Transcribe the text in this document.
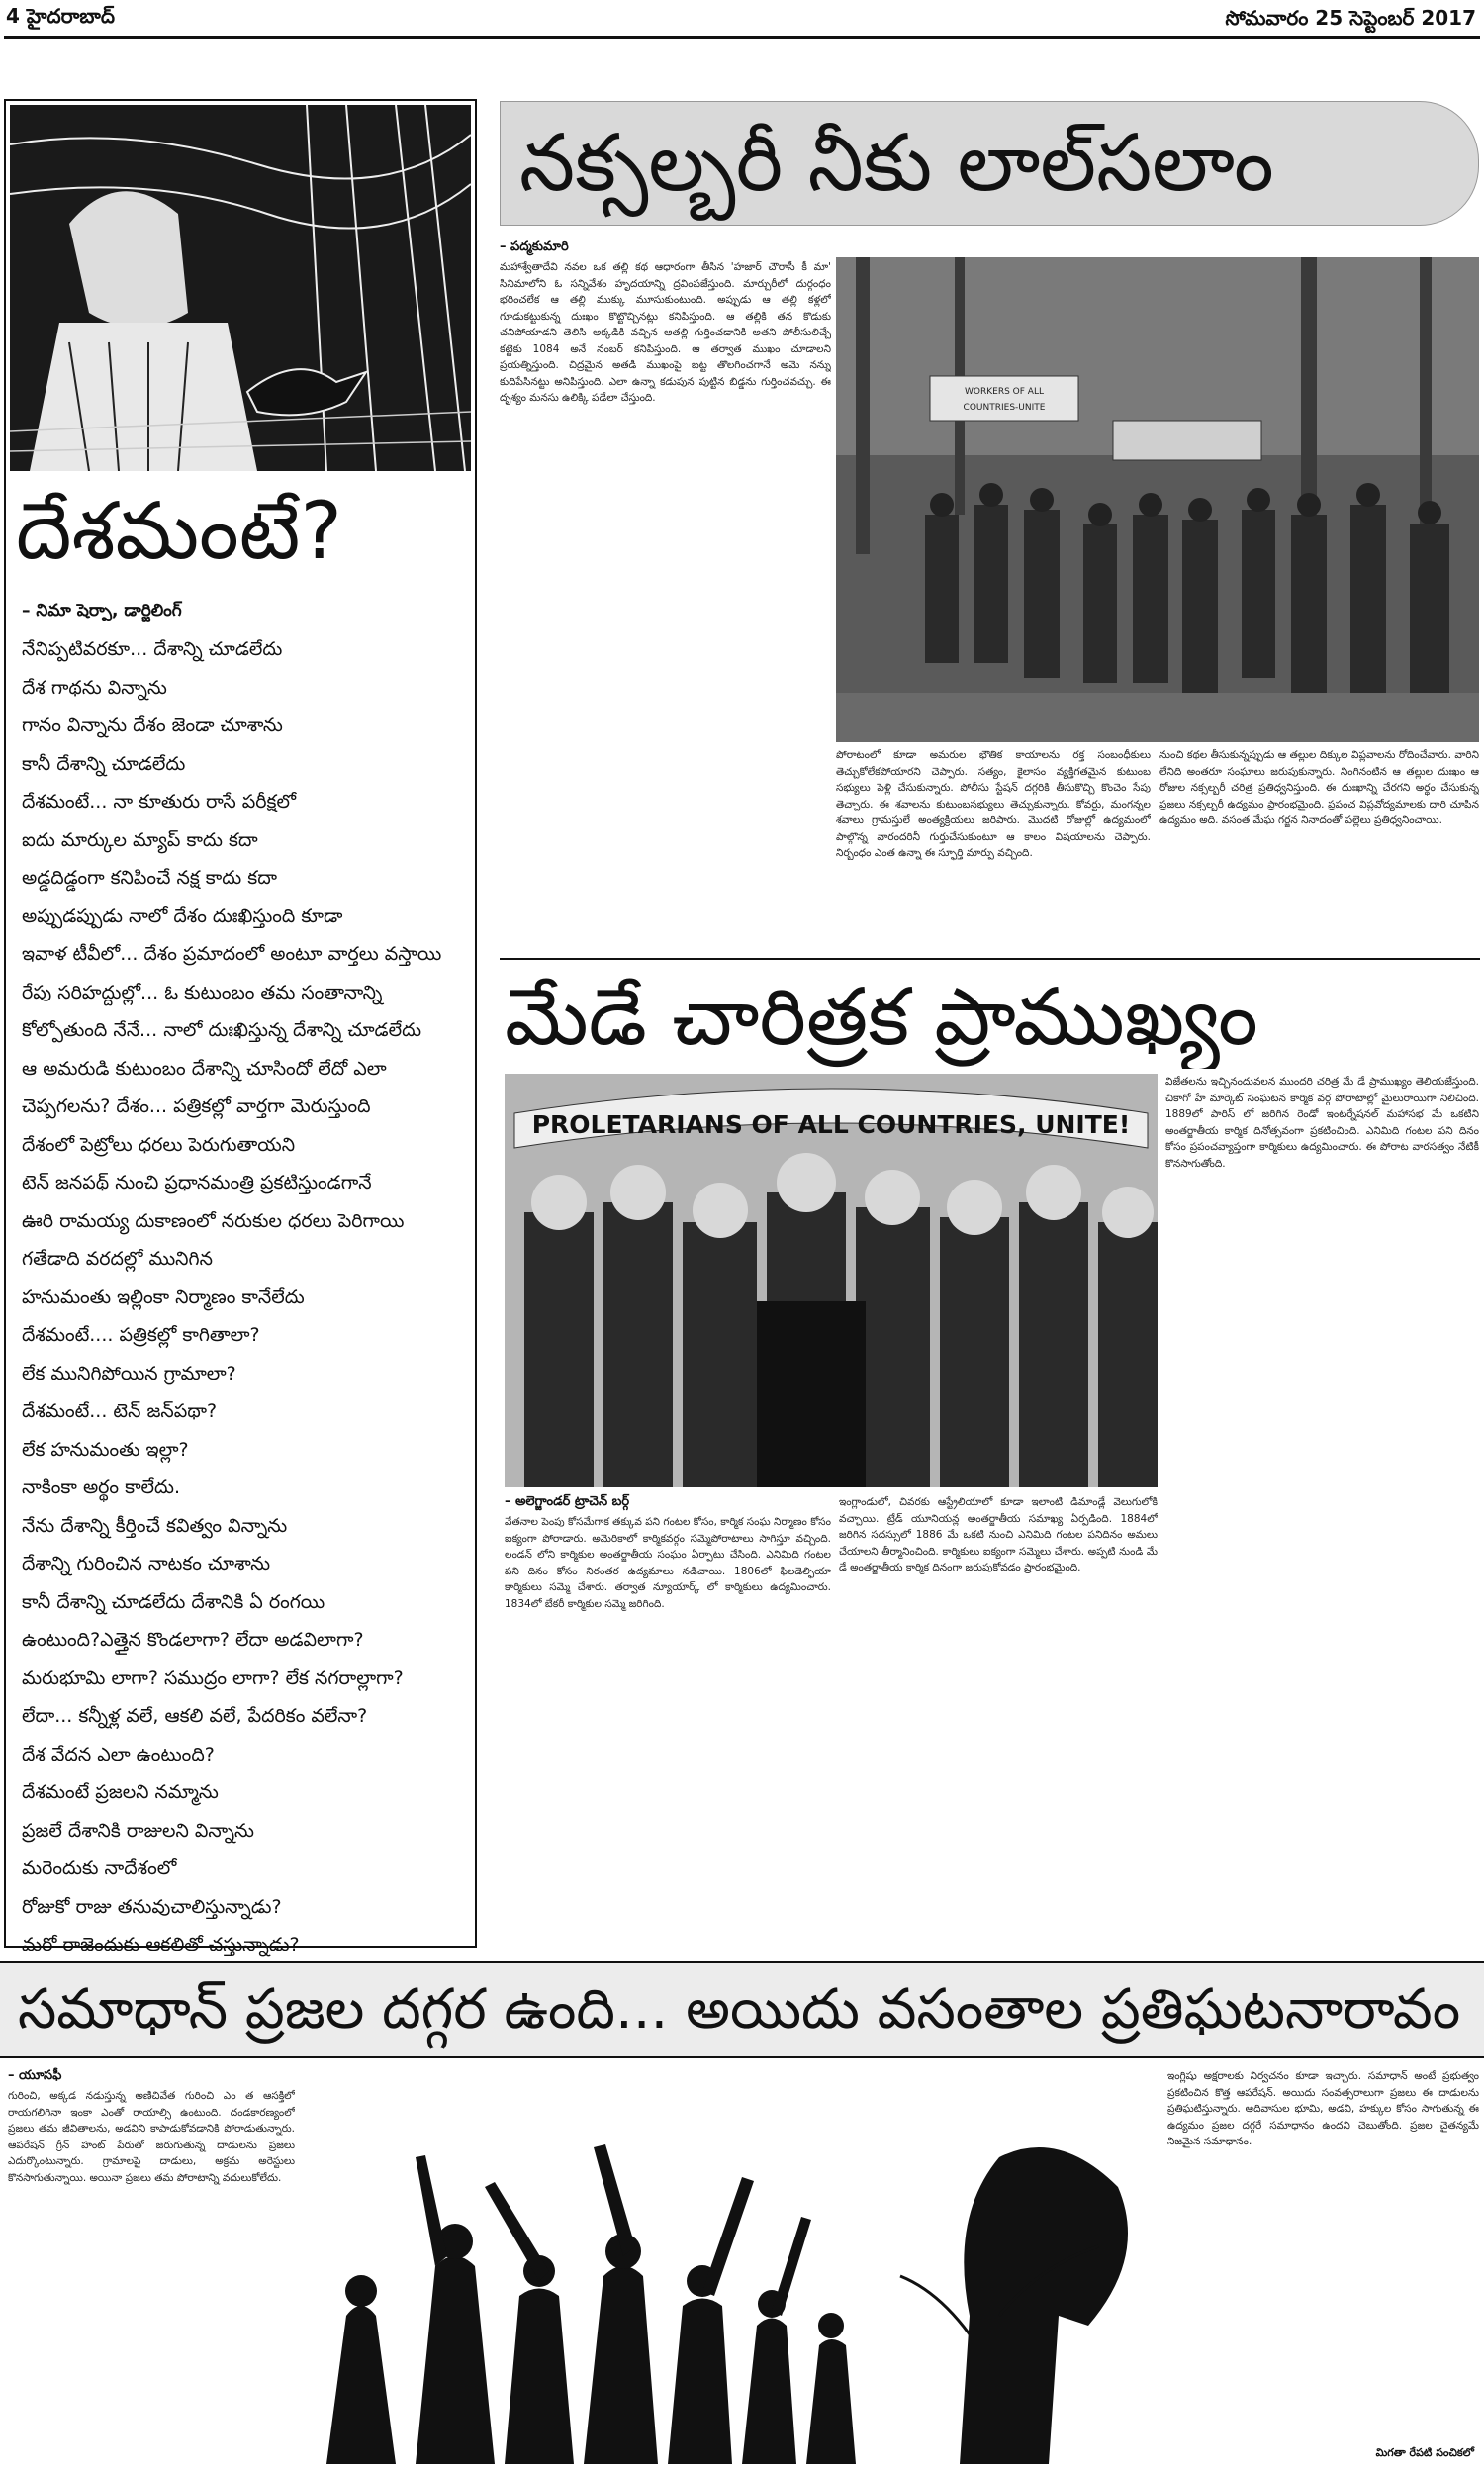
4 హైదరాబాద్	సోమవారం 25 సెప్టెంబర్ 2017
దేశమంటే?
– నిమా షెర్పా, డార్జిలింగ్
నేనిప్పటివరకూ... దేశాన్ని చూడలేదు
దేశ గాథను విన్నాను
గానం విన్నాను దేశం జెండా చూశాను
కానీ దేశాన్ని చూడలేదు
దేశమంటే... నా కూతురు రాసే పరీక్షలో
ఐదు మార్కుల మ్యాప్ కాదు కదా
అడ్డదిడ్డంగా కనిపించే నక్ష కాదు కదా
అప్పుడప్పుడు నాలో దేశం దుఃఖిస్తుంది కూడా
ఇవాళ టీవీలో... దేశం ప్రమాదంలో అంటూ వార్తలు వస్తాయి
రేపు సరిహద్దుల్లో... ఓ కుటుంబం తమ సంతానాన్ని
కోల్పోతుంది నేనే... నాలో దుఃఖిస్తున్న దేశాన్ని చూడలేదు
ఆ అమరుడి కుటుంబం దేశాన్ని చూసిందో లేదో ఎలా
చెప్పగలను? దేశం... పత్రికల్లో వార్తగా మెరుస్తుంది
దేశంలో పెట్రోలు ధరలు పెరుగుతాయని
టెన్ జనపథ్ నుంచి ప్రధానమంత్రి ప్రకటిస్తుండగానే
ఊరి రామయ్య దుకాణంలో నరుకుల ధరలు పెరిగాయి
గతేడాది వరదల్లో మునిగిన
హనుమంతు ఇల్లింకా నిర్మాణం కానేలేదు
దేశమంటే.... పత్రికల్లో కాగితాలా?
లేక మునిగిపోయిన గ్రామాలా?
దేశమంటే... టెన్ జన్‌పథా?
లేక హనుమంతు ఇల్లా?
నాకింకా అర్థం కాలేదు.
నేను దేశాన్ని కీర్తించే కవిత్వం విన్నాను
దేశాన్ని గురించిన నాటకం చూశాను
కానీ దేశాన్ని చూడలేదు దేశానికి ఏ రంగయి
ఉంటుంది?ఎత్తైన కొండలాగా? లేదా అడవిలాగా?
మరుభూమి లాగా? సముద్రం లాగా? లేక నగరాల్లాగా?
లేదా... కన్నీళ్ల వలే, ఆకలి వలే, పేదరికం వలేనా?
దేశ వేదన ఎలా ఉంటుంది?
దేశమంటే ప్రజలని నమ్మాను
ప్రజలే దేశానికి రాజులని విన్నాను
మరెందుకు నాదేశంలో
రోజుకో రాజు తనువుచాలిస్తున్నాడు?
మరో రాజెందుకు ఆకలితో చస్తున్నాడు?
నక్సల్బరీ నీకు లాల్‌సలాం
– పద్మకుమారి
మహాశ్వేతాదేవి నవల ఒక తల్లి కథ ఆధారంగా తీసిన 'హజార్ చౌరాసీ కీ మా' సినిమాలోని ఓ సన్నివేశం హృదయాన్ని ద్రవింపజేస్తుంది. మార్చురీలో దుర్గంధం భరించలేక ఆ తల్లి ముక్కు మూసుకుంటుంది. అప్పుడు ఆ తల్లి కళ్లలో గూడుకట్టుకున్న దుఃఖం కొట్టొచ్చినట్లు కనిపిస్తుంది. ఆ తల్లికి తన కొడుకు చనిపోయాడని తెలిసి అక్కడికి వచ్చిన ఆతల్లి గుర్తించడానికి అతని పోలీసులిచ్చే కట్టెకు 1084 అనే నంబర్ కనిపిస్తుంది. ఆ తర్వాత ముఖం చూడాలని ప్రయత్నిస్తుంది. చిద్రమైన అతడి ముఖంపై బట్ట తొలగించగానే అమె నన్ను కుదిపేసినట్టు అనిపిస్తుంది. ఎలా ఉన్నా కడుపున పుట్టిన బిడ్డను గుర్తించవచ్చు. ఈ దృశ్యం మనసు ఉలిక్కి పడేలా చేస్తుంది.	WORKERS OF ALL
COUNTRIES-UNITE
పోరాటంలో కూడా అమరుల భౌతిక కాయాలను రక్త సంబంధీకులు తెచ్చుకోలేకపోయారని చెప్పారు. సత్యం, కైలాసం వ్యక్తిగతమైన కుటుంబ సభ్యులు పెళ్లి చేసుకున్నారు. పోలీసు స్టేషన్ దగ్గరికి తీసుకొచ్చి కొంచెం సేపు తెచ్చారు. ఈ శవాలను కుటుంబసభ్యులు తెచ్చుకున్నారు. కోవర్టు, మంగన్నల శవాలు గ్రామస్తులే అంత్యక్రియలు జరిపారు. మొదటి రోజుల్లో ఉద్యమంలో పాల్గొన్న వారందరినీ గుర్తుచేసుకుంటూ ఆ కాలం విషయాలను చెప్పారు. నిర్బంధం ఎంత ఉన్నా ఈ స్ఫూర్తి మార్పు వచ్చింది.
నుంచి కథల తీసుకున్నప్పుడు ఆ తల్లుల దిక్కుల విప్లవాలను రోదించేవారు. వారిని లేనిది అంతరూ సంఘాలు జరుపుకున్నారు. నింగినంటిన ఆ తల్లుల దుఃఖం ఆ రోజుల నక్సల్బరీ చరిత్ర ప్రతిధ్వనిస్తుంది. ఈ దుఃఖాన్ని చేరగని అర్థం చేసుకున్న ప్రజలు నక్సల్బరీ ఉద్యమం ప్రారంభమైంది. ప్రపంచ విప్లవోద్యమాలకు దారి చూపిన ఉద్యమం అది. వసంత మేఘ గర్జన నినాదంతో పల్లెలు ప్రతిధ్వనించాయి.
మేడే చారిత్రక ప్రాముఖ్యం
PROLETARIANS OF ALL COUNTRIES, UNITE!
విజేతలను ఇచ్చినందువలన ముందరి చరిత్ర మే డే ప్రాముఖ్యం తెలియజేస్తుంది. చికాగో హే మార్కెట్ సంఘటన కార్మిక వర్గ పోరాటాల్లో మైలురాయిగా నిలిచింది. 1889లో పారిస్ లో జరిగిన రెండో ఇంటర్నేషనల్ మహాసభ మే ఒకటిని అంతర్జాతీయ కార్మిక దినోత్సవంగా ప్రకటించింది. ఎనిమిది గంటల పని దినం కోసం ప్రపంచవ్యాప్తంగా కార్మికులు ఉద్యమించారు. ఈ పోరాట వారసత్వం నేటికీ కొనసాగుతోంది.
– అలెగ్జాండర్ ట్రాచెన్ బర్గ్
వేతనాల పెంపు కోసమేగాక తక్కువ పని గంటల కోసం, కార్మిక సంఘ నిర్మాణం కోసం ఐక్యంగా పోరాడారు. అమెరికాలో కార్మికవర్గం సమ్మెపోరాటాలు సాగిస్తూ వచ్చింది. లండన్ లోని కార్మికుల అంతర్జాతీయ సంఘం ఏర్పాటు చేసింది. ఎనిమిది గంటల పని దినం కోసం నిరంతర ఉద్యమాలు నడిచాయి. 1806లో ఫిలడెల్ఫియా కార్మికులు సమ్మె చేశారు. తర్వాత న్యూయార్క్ లో కార్మికులు ఉద్యమించారు. 1834లో బేకరీ కార్మికుల సమ్మె జరిగింది.
ఇంగ్లాండులో, చివరకు ఆస్ట్రేలియాలో కూడా ఇలాంటి డిమాండ్లే వెలుగులోకి వచ్చాయి. ట్రేడ్ యూనియన్ల అంతర్జాతీయ సమాఖ్య ఏర్పడింది. 1884లో జరిగిన సదస్సులో 1886 మే ఒకటి నుంచి ఎనిమిది గంటల పనిదినం అమలు చేయాలని తీర్మానించింది. కార్మికులు ఐక్యంగా సమ్మెలు చేశారు. అప్పటి నుండి మే డే అంతర్జాతీయ కార్మిక దినంగా జరుపుకోవడం ప్రారంభమైంది.
సమాధాన్ ప్రజల దగ్గర ఉంది... అయిదు వసంతాల ప్రతిఘటనారావం
– యూసఫీ
గురించి, అక్కడ నడుస్తున్న అణిచివేత గురించి ఎం త ఆసక్తిలో రాయగలిగినా ఇంకా ఎంతో రాయాల్సి ఉంటుంది. దండకారణ్యంలో ప్రజలు తమ జీవితాలను, అడవిని కాపాడుకోవడానికి పోరాడుతున్నారు. ఆపరేషన్ గ్రీన్ హంట్ పేరుతో జరుగుతున్న దాడులను ప్రజలు ఎదుర్కొంటున్నారు. గ్రామాలపై దాడులు, అక్రమ అరెస్టులు కొనసాగుతున్నాయి. అయినా ప్రజలు తమ పోరాటాన్ని వదులుకోలేదు.
ఇంగ్లిషు అక్షరాలకు నిర్వచనం కూడా ఇచ్చారు. సమాధాన్ అంటే ప్రభుత్వం ప్రకటించిన కొత్త ఆపరేషన్. అయిదు సంవత్సరాలుగా ప్రజలు ఈ దాడులను ప్రతిఘటిస్తున్నారు. ఆదివాసుల భూమి, అడవి, హక్కుల కోసం సాగుతున్న ఈ ఉద్యమం ప్రజల దగ్గరే సమాధానం ఉందని చెబుతోంది. ప్రజల చైతన్యమే నిజమైన సమాధానం.
మిగతా రేపటి సంచికలో
